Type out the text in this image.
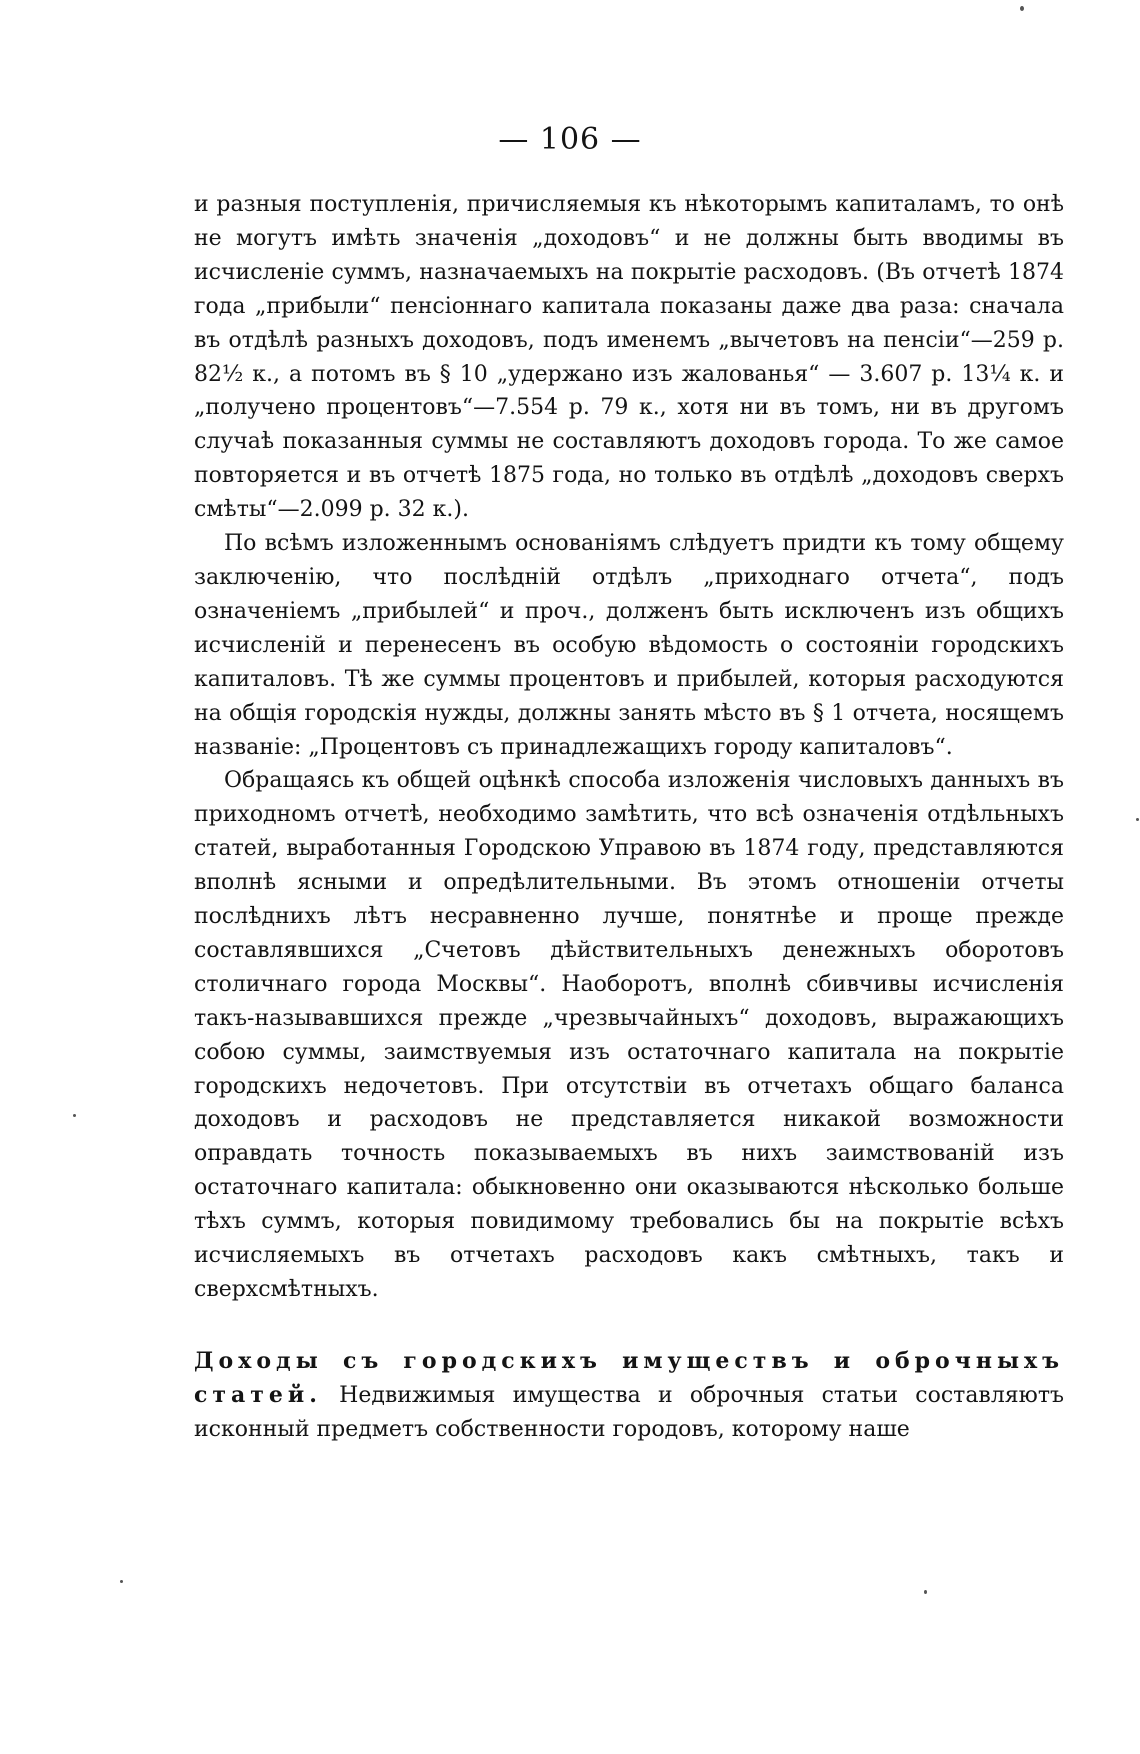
— 106 —

и разныя поступленія, причисляемыя къ нѣкоторымъ капиталамъ, то онѣ не могутъ имѣть значенія „доходовъ“ и не должны быть вводимы въ исчисленіе суммъ, назначаемыхъ на покрытіе расходовъ. (Въ отчетѣ 1874 года „прибыли“ пенсіоннаго капитала показаны даже два раза: сначала въ отдѣлѣ разныхъ доходовъ, подъ именемъ „вычетовъ на пенсіи“—259 р. 82½ к., а потомъ въ § 10 „удержано изъ жалованья“ — 3.607 р. 13¼ к. и „получено процентовъ“—7.554 р. 79 к., хотя ни въ томъ, ни въ другомъ случаѣ показанныя суммы не составляютъ доходовъ города. То же самое повторяется и въ отчетѣ 1875 года, но только въ отдѣлѣ „доходовъ сверхъ смѣты“—2.099 р. 32 к.).

По всѣмъ изложеннымъ основаніямъ слѣдуетъ придти къ тому общему заключенію, что послѣдній отдѣлъ „приходнаго отчета“, подъ означеніемъ „прибылей“ и проч., долженъ быть исключенъ изъ общихъ исчисленій и перенесенъ въ особую вѣдомость о состояніи городскихъ капиталовъ. Тѣ же суммы процентовъ и прибылей, которыя расходуются на общія городскія нужды, должны занять мѣсто въ § 1 отчета, носящемъ названіе: „Процентовъ съ принадлежащихъ городу капиталовъ“.

Обращаясь къ общей оцѣнкѣ способа изложенія числовыхъ данныхъ въ приходномъ отчетѣ, необходимо замѣтить, что всѣ означенія отдѣльныхъ статей, выработанныя Городскою Управою въ 1874 году, представляются вполнѣ ясными и опредѣлительными. Въ этомъ отношеніи отчеты послѣднихъ лѣтъ несравненно лучше, понятнѣе и проще прежде составлявшихся „Счетовъ дѣйствительныхъ денежныхъ оборотовъ столичнаго города Москвы“. Наоборотъ, вполнѣ сбивчивы исчисленія такъ-называвшихся прежде „чрезвычайныхъ“ доходовъ, выражающихъ собою суммы, заимствуемыя изъ остаточнаго капитала на покрытіе городскихъ недочетовъ. При отсутствіи въ отчетахъ общаго баланса доходовъ и расходовъ не представляется никакой возможности оправдать точность показываемыхъ въ нихъ заимствованій изъ остаточнаго капитала: обыкновенно они оказываются нѣсколько больше тѣхъ суммъ, которыя повидимому требовались бы на покрытіе всѣхъ исчисляемыхъ въ отчетахъ расходовъ какъ смѣтныхъ, такъ и сверхсмѣтныхъ.

Доходы съ городскихъ имуществъ и оброчныхъ статей. Недвижимыя имущества и оброчныя статьи составляютъ исконный предметъ собственности городовъ, которому наше
